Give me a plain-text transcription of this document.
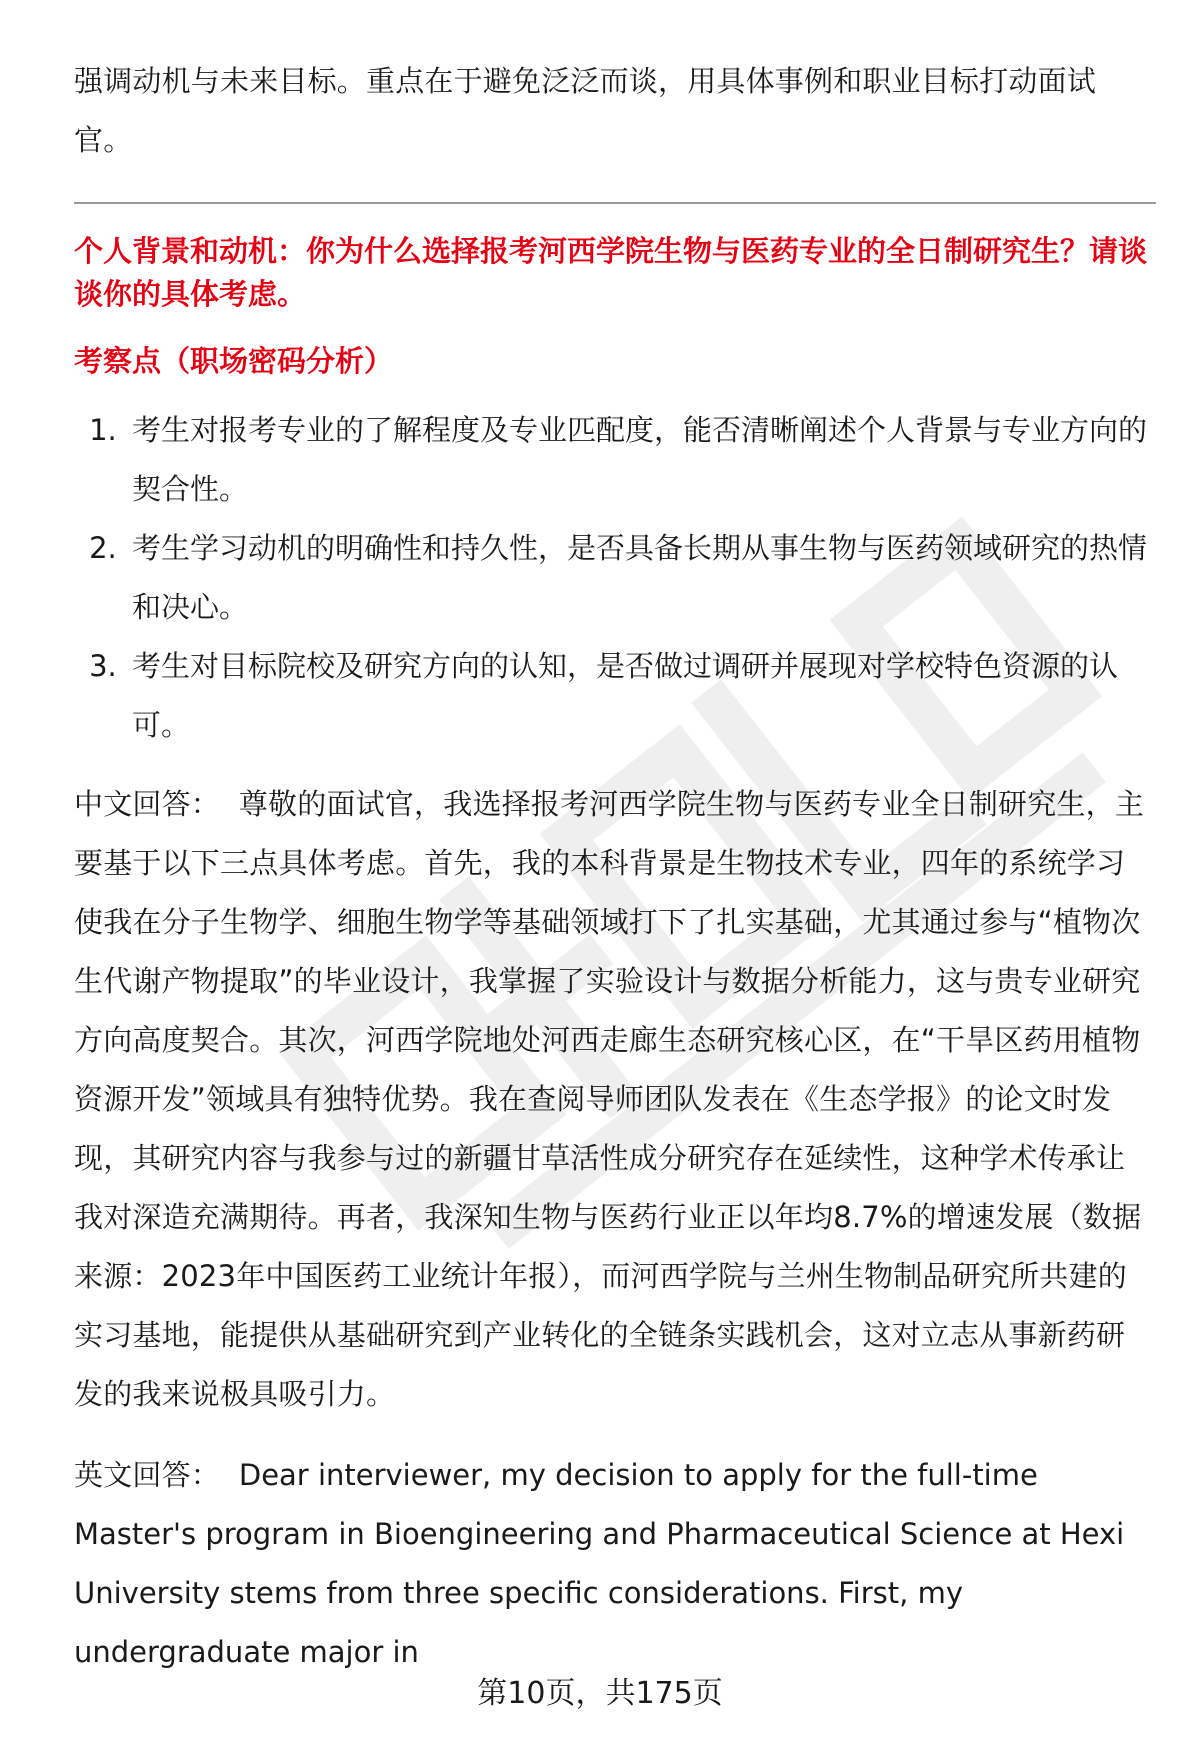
强调动机与未来目标。重点在于避免泛泛而谈，用具体事例和职业目标打动面试官。

个人背景和动机：你为什么选择报考河西学院生物与医药专业的全日制研究生？请谈谈你的具体考虑。

考察点（职场密码分析）

1. 考生对报考专业的了解程度及专业匹配度，能否清晰阐述个人背景与专业方向的契合性。
2. 考生学习动机的明确性和持久性，是否具备长期从事生物与医药领域研究的热情和决心。
3. 考生对目标院校及研究方向的认知，是否做过调研并展现对学校特色资源的认可。

中文回答： 尊敬的面试官，我选择报考河西学院生物与医药专业全日制研究生，主要基于以下三点具体考虑。首先，我的本科背景是生物技术专业，四年的系统学习使我在分子生物学、细胞生物学等基础领域打下了扎实基础，尤其通过参与“植物次生代谢产物提取”的毕业设计，我掌握了实验设计与数据分析能力，这与贵专业研究方向高度契合。其次，河西学院地处河西走廊生态研究核心区，在“干旱区药用植物资源开发”领域具有独特优势。我在查阅导师团队发表在《生态学报》的论文时发现，其研究内容与我参与过的新疆甘草活性成分研究存在延续性，这种学术传承让我对深造充满期待。再者，我深知生物与医药行业正以年均8.7%的增速发展（数据来源：2023年中国医药工业统计年报），而河西学院与兰州生物制品研究所共建的实习基地，能提供从基础研究到产业转化的全链条实践机会，这对立志从事新药研发的我来说极具吸引力。

英文回答： Dear interviewer, my decision to apply for the full-time Master's program in Bioengineering and Pharmaceutical Science at Hexi University stems from three specific considerations. First, my undergraduate major in

第10页，共175页
